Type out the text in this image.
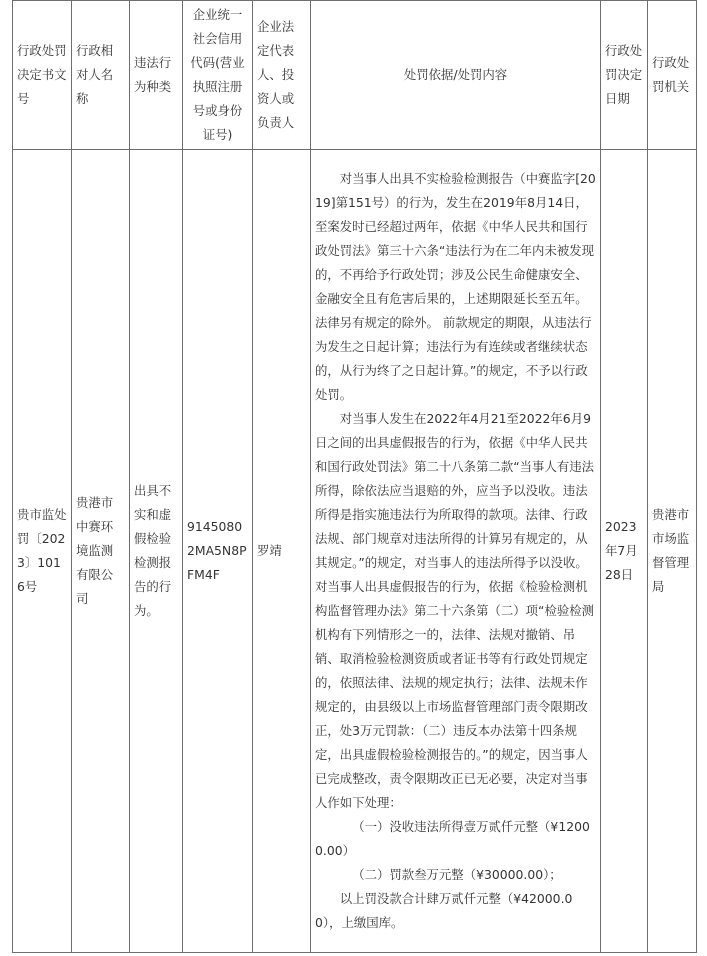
行政处罚决定书文号	行政相对人名称	违法行为种类	企业统一社会信用代码(营业执照注册号或身份证号)	企业法定代表人、投资人或负责人	处罚依据/处罚内容	行政处罚决定日期	行政处罚机关
贵市监处罚〔2023〕1016号	贵港市中赛环境监测有限公司	出具不实和虚假检验检测报告的行为。	91450802MA5N8PFM4F	罗靖	对当事人出具不实检验检测报告（中赛监字[2019]第151号）的行为，发生在2019年8月14日，至案发时已经超过两年，依据《中华人民共和国行政处罚法》第三十六条“违法行为在二年内未被发现的，不再给予行政处罚；涉及公民生命健康安全、金融安全且有危害后果的，上述期限延长至五年。法律另有规定的除外。 前款规定的期限，从违法行为发生之日起计算；违法行为有连续或者继续状态的，从行为终了之日起计算。”的规定，不予以行政处罚。

对当事人发生在2022年4月21至2022年6月9日之间的出具虚假报告的行为，依据《中华人民共和国行政处罚法》第二十八条第二款“当事人有违法所得，除依法应当退赔的外，应当予以没收。违法所得是指实施违法行为所取得的款项。法律、行政法规、部门规章对违法所得的计算另有规定的，从其规定。”的规定，对当事人的违法所得予以没收。对当事人出具虚假报告的行为，依据《检验检测机构监督管理办法》第二十六条第（二）项“检验检测机构有下列情形之一的，法律、法规对撤销、吊销、取消检验检测资质或者证书等有行政处罚规定的，依照法律、法规的规定执行；法律、法规未作规定的，由县级以上市场监督管理部门责令限期改正，处3万元罚款：（二）违反本办法第十四条规定，出具虚假检验检测报告的。”的规定，因当事人已完成整改，责令限期改正已无必要，决定对当事人作如下处理：

（一）没收违法所得壹万贰仟元整（¥12000.00）

（二）罚款叁万元整（¥30000.00）；

以上罚没款合计肆万贰仟元整（¥42000.00），上缴国库。	2023年7月28日	贵港市市场监督管理局
